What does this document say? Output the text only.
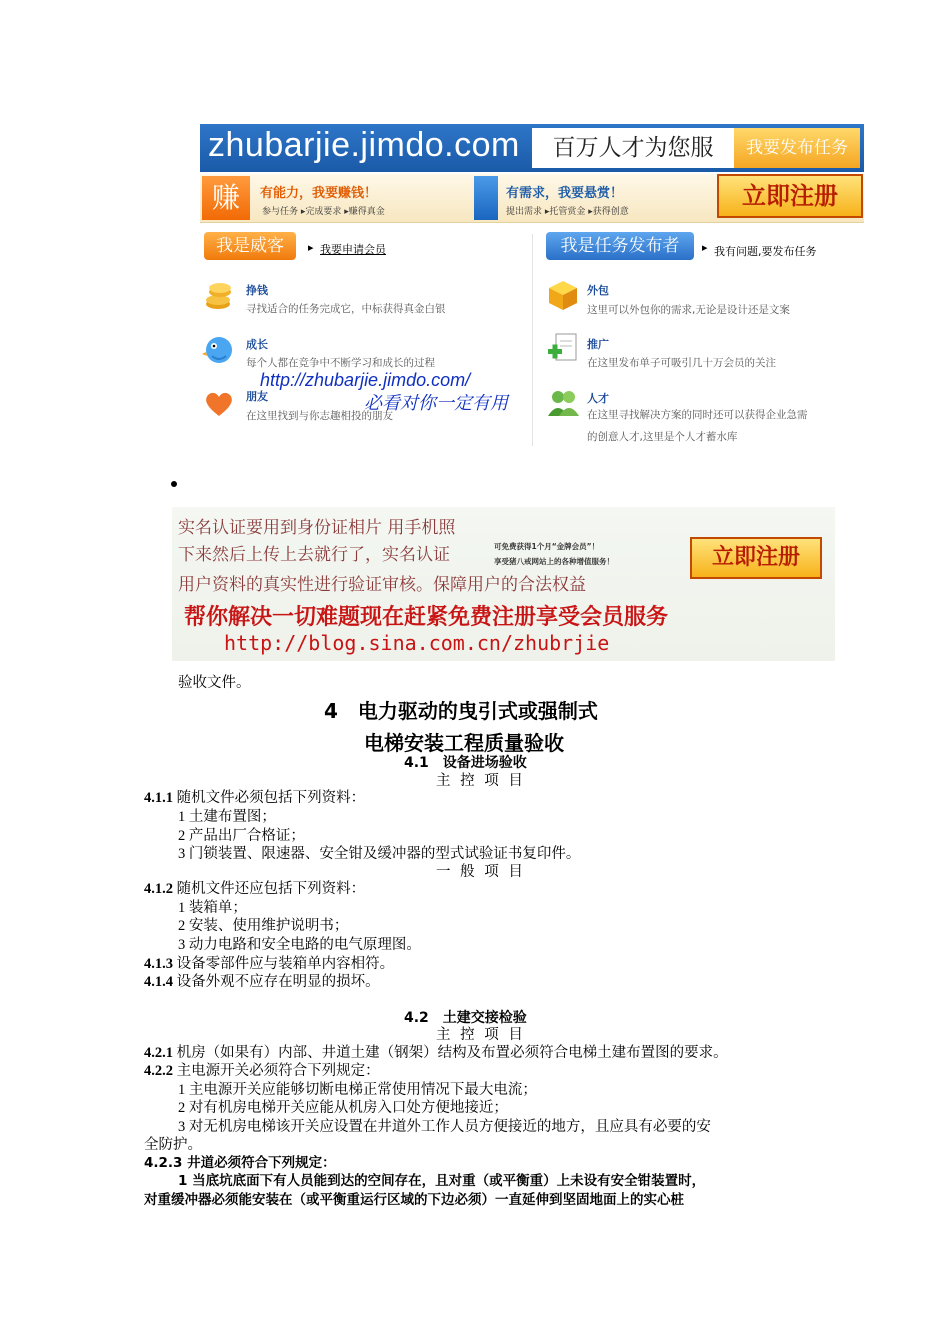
zhubarjie.jimdo.com	百万人才为您服	我要发布任务
赚	有能力，我要赚钱！
参与任务 ▸完成要求 ▸赚得真金
有需求，我要悬赏！
提出需求 ▸托管赏金 ▸获得创意
立即注册
我是威客	▸ 我要申请会员	我是任务发布者	▸ 我有问题,要发布任务
挣钱
寻找适合的任务完成它，中标获得真金白银
成长
每个人都在竞争中不断学习和成长的过程
朋友
在这里找到与你志趣相投的朋友
http://zhubarjie.jimdo.com/
必看对你一定有用
外包
这里可以外包你的需求,无论是设计还是文案
推广
在这里发布单子可吸引几十万会员的关注
人才
在这里寻找解决方案的同时还可以获得企业急需
的创意人才,这里是个人才蓄水库
实名认证要用到身份证相片 用手机照
下来然后上传上去就行了，实名认证	可免费获得1个月“金牌会员”！
享受猪八戒网站上的各种增值服务！	立即注册
用户资料的真实性进行验证审核。保障用户的合法权益
帮你解决一切难题现在赶紧免费注册享受会员服务
http://blog.sina.com.cn/zhubrjie
验收文件。
4　电力驱动的曳引式或强制式
电梯安装工程质量验收
4.1　设备进场验收
主 控 项 目
4.1.1 随机文件必须包括下列资料：
1 土建布置图；
2 产品出厂合格证；
3 门锁装置、限速器、安全钳及缓冲器的型式试验证书复印件。
一 般 项 目
4.1.2 随机文件还应包括下列资料：
1 装箱单；
2 安装、使用维护说明书；
3 动力电路和安全电路的电气原理图。
4.1.3 设备零部件应与装箱单内容相符。
4.1.4 设备外观不应存在明显的损坏。
4.2　土建交接检验
主 控 项 目
4.2.1 机房（如果有）内部、井道土建（钢架）结构及布置必须符合电梯土建布置图的要求。
4.2.2 主电源开关必须符合下列规定：
1 主电源开关应能够切断电梯正常使用情况下最大电流；
2 对有机房电梯开关应能从机房入口处方便地接近；
3 对无机房电梯该开关应设置在井道外工作人员方便接近的地方，且应具有必要的安
全防护。
4.2.3 井道必须符合下列规定：
1 当底坑底面下有人员能到达的空间存在，且对重（或平衡重）上未设有安全钳装置时，
对重缓冲器必须能安装在（或平衡重运行区域的下边必须）一直延伸到坚固地面上的实心桩
